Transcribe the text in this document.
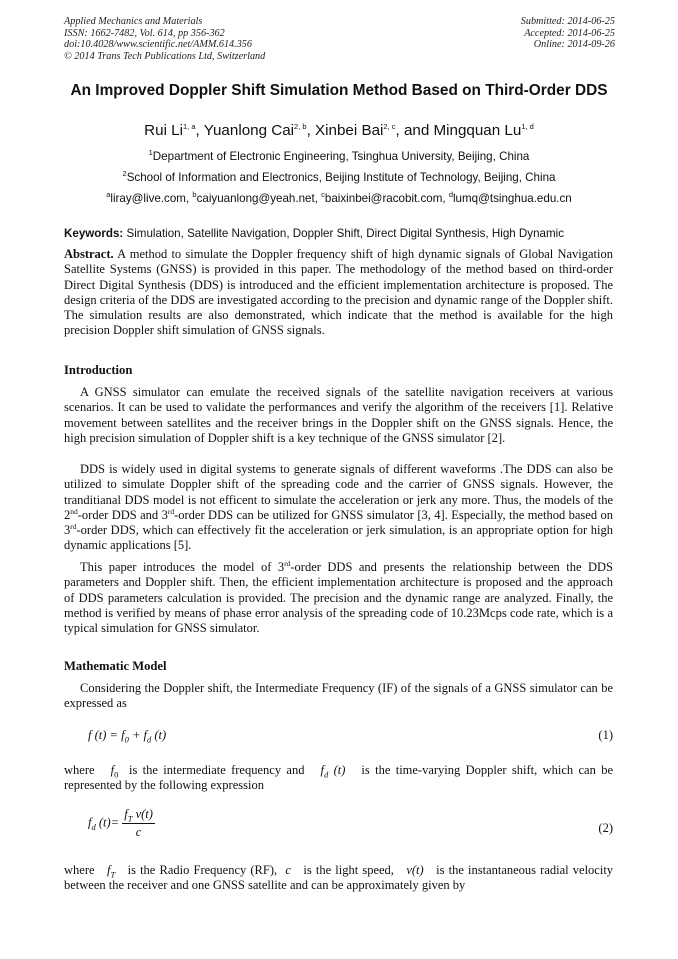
Applied Mechanics and Materials
ISSN: 1662-7482, Vol. 614, pp 356-362
doi:10.4028/www.scientific.net/AMM.614.356
© 2014 Trans Tech Publications Ltd, Switzerland
Submitted: 2014-06-25
Accepted: 2014-06-25
Online: 2014-09-26
An Improved Doppler Shift Simulation Method Based on Third-Order DDS
Rui Li$^{1, a}$, Yuanlong Cai$^{2, b}$, Xinbei Bai$^{2, c}$, and Mingquan Lu$^{1, d}$
$^1$Department of Electronic Engineering, Tsinghua University, Beijing, China
$^2$School of Information and Electronics, Beijing Institute of Technology, Beijing, China
$^a$liray@live.com, $^b$caiyuanlong@yeah.net, $^c$baixinbei@racobit.com, $^d$lumq@tsinghua.edu.cn
Keywords: Simulation, Satellite Navigation, Doppler Shift, Direct Digital Synthesis, High Dynamic
Abstract. A method to simulate the Doppler frequency shift of high dynamic signals of Global Navigation Satellite Systems (GNSS) is provided in this paper. The methodology of the method based on third-order Direct Digital Synthesis (DDS) is introduced and the efficient implementation architecture is proposed. The design criteria of the DDS are investigated according to the precision and dynamic range of the Doppler shift. The simulation results are also demonstrated, which indicate that the method is available for the high precision Doppler shift simulation of GNSS signals.
Introduction
A GNSS simulator can emulate the received signals of the satellite navigation receivers at various scenarios. It can be used to validate the performances and verify the algorithm of the receivers [1]. Relative movement between satellites and the receiver brings in the Doppler shift on the GNSS signals. Hence, the high precision simulation of Doppler shift is a key technique of the GNSS simulator [2].
DDS is widely used in digital systems to generate signals of different waveforms .The DDS can also be utilized to simulate Doppler shift of the spreading code and the carrier of GNSS signals. However, the tranditianal DDS model is not efficent to simulate the acceleration or jerk any more. Thus, the models of the 2nd-order DDS and 3rd-order DDS can be utilized for GNSS simulator [3, 4]. Especially, the method based on 3rd-order DDS, which can effectively fit the acceleration or jerk simulation, is an appropriate option for high dynamic applications [5].
This paper introduces the model of 3rd-order DDS and presents the relationship between the DDS parameters and Doppler shift. Then, the efficient implementation architecture is proposed and the approach of DDS parameters calculation is provided. The precision and the dynamic range are analyzed. Finally, the method is verified by means of phase error analysis of the spreading code of 10.23Mcps code rate, which is a typical simulation for GNSS simulator.
Mathematic Model
Considering the Doppler shift, the Intermediate Frequency (IF) of the signals of a GNSS simulator can be expressed as
f $(t) = f_0 + f_d$ (t)	(1)
where $f_0$ is the intermediate frequency and $f_d$ (t) is the time-varying Doppler shift, which can be represented by the following expression
$f_d$ $(t)= \frac{f_T v(t)}{c}$	(2)
where $f_T$ is the Radio Frequency (RF), c is the light speed, v(t) is the instantaneous radial velocity between the receiver and one GNSS satellite and can be approximately given by
